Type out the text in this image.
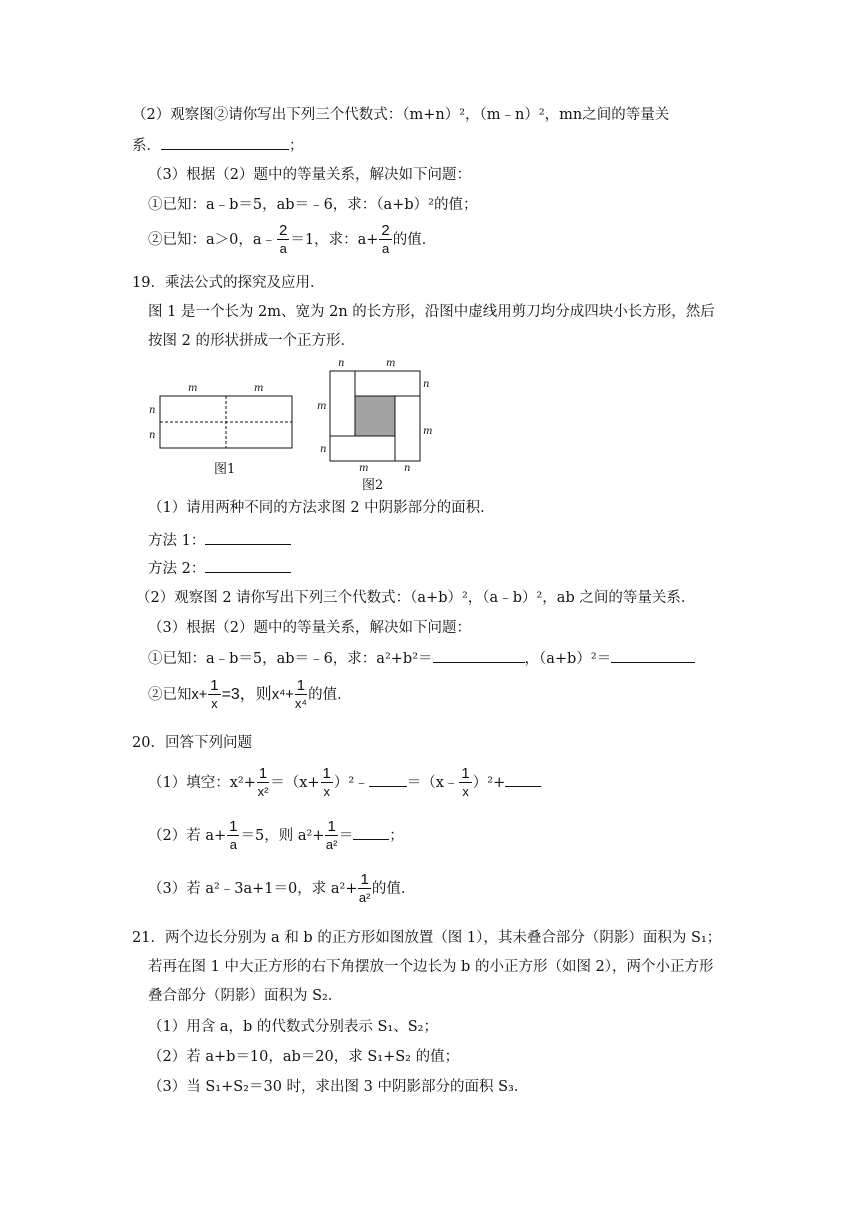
（2）观察图②请你写出下列三个代数式：（m+n）²，（m﹣n）²，mn之间的等量关
系．	；
（3）根据（2）题中的等量关系，解决如下问题：
①已知：a﹣b＝5，ab＝﹣6，求：（a+b）²的值；
②已知：a＞0，a﹣ $\frac{2}{a} =1$，求：$a+ \frac{2}{a}$ 的值．
19．乘法公式的探究及应用．
图 1 是一个长为 2m、宽为 2n 的长方形，沿图中虚线用剪刀均分成四块小长方形，然后
按图 2 的形状拼成一个正方形．
m	m
n
n
图1
n	m
n
m
m
n
m	n
图2
（1）请用两种不同的方法求图 2 中阴影部分的面积．
方法 1：
方法 2：
（2）观察图 2 请你写出下列三个代数式：（a+b）²，（a﹣b）²，ab 之间的等量关系．
（3）根据（2）题中的等量关系，解决如下问题：
①已知：a﹣b＝5，ab＝﹣6，求：a²+b²＝	，（a+b）²＝
②已知$x+ \frac{1}{x} =3$，则$x^4+ \frac{1}{\text{x⁴}}$ 的值．
20．回答下列问题
（1）填空：$x^2+ \frac{1}{\text{x²}} =(x+ \frac{1}{x}$ ）²﹣	＝（x﹣ $\frac{1}{x} )^2+$
（2）若 $a+ \frac{1}{a} =5$，则 $a^2+ \frac{1}{\text{a²}}$ ＝ ；
（3）若 a²﹣3a+1＝0，求 $a^2+ \frac{1}{\text{a²}}$ 的值．
21．两个边长分别为 a 和 b 的正方形如图放置（图 1），其未叠合部分（阴影）面积为 S₁；
若再在图 1 中大正方形的右下角摆放一个边长为 b 的小正方形（如图 2），两个小正方形
叠合部分（阴影）面积为 S₂．
（1）用含 a，b 的代数式分别表示 S₁、S₂；
（2）若 a+b＝10，ab＝20，求 S₁+S₂ 的值；
（3）当 S₁+S₂＝30 时，求出图 3 中阴影部分的面积 S₃．
